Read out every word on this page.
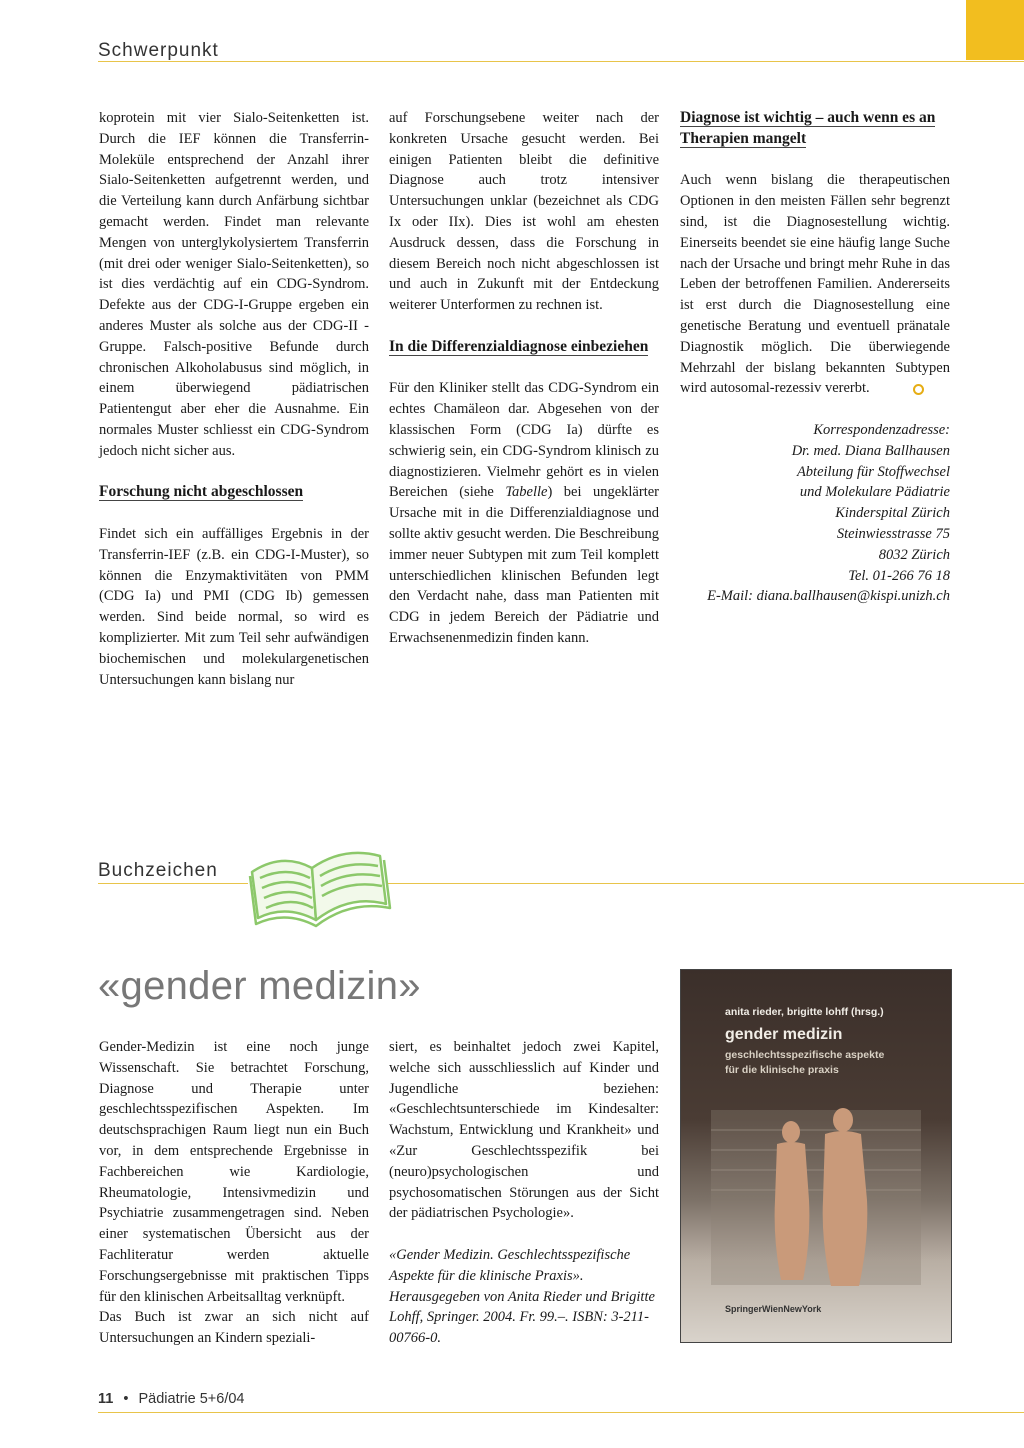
Schwerpunkt

koprotein mit vier Sialo-Seitenketten ist. Durch die IEF können die Transferrin-Moleküle entsprechend der Anzahl ihrer Sialo-Seitenketten aufgetrennt werden, und die Verteilung kann durch Anfärbung sichtbar gemacht werden. Findet man relevante Mengen von unterglykolysiertem Transferrin (mit drei oder weniger Sialo-Seitenketten), so ist dies verdächtig auf ein CDG-Syndrom. Defekte aus der CDG-I-Gruppe ergeben ein anderes Muster als solche aus der CDG-II - Gruppe. Falsch-positive Befunde durch chronischen Alkoholabusus sind möglich, in einem überwiegend pädiatrischen Patientengut aber eher die Ausnahme. Ein normales Muster schliesst ein CDG-Syndrom jedoch nicht sicher aus.

Forschung nicht abgeschlossen

Findet sich ein auffälliges Ergebnis in der Transferrin-IEF (z.B. ein CDG-I-Muster), so können die Enzymaktivitäten von PMM (CDG Ia) und PMI (CDG Ib) gemessen werden. Sind beide normal, so wird es komplizierter. Mit zum Teil sehr aufwändigen biochemischen und molekulargenetischen Untersuchungen kann bislang nur

auf Forschungsebene weiter nach der konkreten Ursache gesucht werden. Bei einigen Patienten bleibt die definitive Diagnose auch trotz intensiver Untersuchungen unklar (bezeichnet als CDG Ix oder IIx). Dies ist wohl am ehesten Ausdruck dessen, dass die Forschung in diesem Bereich noch nicht abgeschlossen ist und auch in Zukunft mit der Entdeckung weiterer Unterformen zu rechnen ist.

In die Differenzialdiagnose einbeziehen

Für den Kliniker stellt das CDG-Syndrom ein echtes Chamäleon dar. Abgesehen von der klassischen Form (CDG Ia) dürfte es schwierig sein, ein CDG-Syndrom klinisch zu diagnostizieren. Vielmehr gehört es in vielen Bereichen (siehe Tabelle) bei ungeklärter Ursache mit in die Differenzialdiagnose und sollte aktiv gesucht werden. Die Beschreibung immer neuer Subtypen mit zum Teil komplett unterschiedlichen klinischen Befunden legt den Verdacht nahe, dass man Patienten mit CDG in jedem Bereich der Pädiatrie und Erwachsenenmedizin finden kann.

Diagnose ist wichtig – auch wenn es an Therapien mangelt

Auch wenn bislang die therapeutischen Optionen in den meisten Fällen sehr begrenzt sind, ist die Diagnosestellung wichtig. Einerseits beendet sie eine häufig lange Suche nach der Ursache und bringt mehr Ruhe in das Leben der betroffenen Familien. Andererseits ist erst durch die Diagnosestellung eine genetische Beratung und eventuell pränatale Diagnostik möglich. Die überwiegende Mehrzahl der bislang bekannten Subtypen wird autosomal-rezessiv vererbt.

Korrespondenzadresse:
Dr. med. Diana Ballhausen
Abteilung für Stoffwechsel
und Molekulare Pädiatrie
Kinderspital Zürich
Steinwiesstrasse 75
8032 Zürich
Tel. 01-266 76 18
E-Mail: diana.ballhausen@kispi.unizh.ch
Buchzeichen
«gender medizin»

Gender-Medizin ist eine noch junge Wissenschaft. Sie betrachtet Forschung, Diagnose und Therapie unter geschlechtsspezifischen Aspekten. Im deutschsprachigen Raum liegt nun ein Buch vor, in dem entsprechende Ergebnisse in Fachbereichen wie Kardiologie, Rheumatologie, Intensivmedizin und Psychiatrie zusammengetragen sind. Neben einer systematischen Übersicht aus der Fachliteratur werden aktuelle Forschungsergebnisse mit praktischen Tipps für den klinischen Arbeitsalltag verknüpft.

Das Buch ist zwar an sich nicht auf Untersuchungen an Kindern speziali-

siert, es beinhaltet jedoch zwei Kapitel, welche sich ausschliesslich auf Kinder und Jugendliche beziehen: «Geschlechtsunterschiede im Kindesalter: Wachstum, Entwicklung und Krankheit» und «Zur Geschlechtsspezifik bei (neuro)psychologischen und psychosomatischen Störungen aus der Sicht der pädiatrischen Psychologie».

«Gender Medizin. Geschlechtsspezifische Aspekte für die klinische Praxis». Herausgegeben von Anita Rieder und Brigitte Lohff, Springer. 2004. Fr. 99.–. ISBN: 3-211-00766-0.

anita rieder, brigitte lohff (hrsg.)
gender medizin
geschlechtsspezifische aspekte
für die klinische praxis
SpringerWienNewYork
11 • Pädiatrie 5+6/04
